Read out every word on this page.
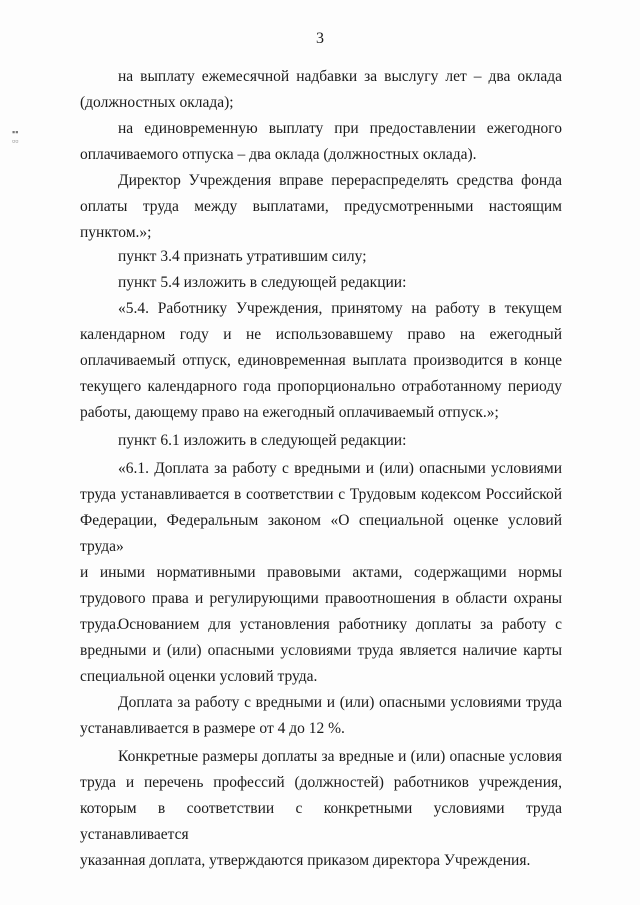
3
▪▪
▫▫
на выплату ежемесячной надбавки за выслугу лет – два оклада
(должностных оклада);
на единовременную выплату при предоставлении ежегодного
оплачиваемого отпуска – два оклада (должностных оклада).
Директор Учреждения вправе перераспределять средства фонда
оплаты труда между выплатами, предусмотренными настоящим
пунктом.»;
пункт 3.4 признать утратившим силу;
пункт 5.4 изложить в следующей редакции:
«5.4. Работнику Учреждения, принятому на работу в текущем
календарном году и не использовавшему право на ежегодный
оплачиваемый отпуск, единовременная выплата производится в конце
текущего календарного года пропорционально отработанному периоду
работы, дающему право на ежегодный оплачиваемый отпуск.»;
пункт 6.1 изложить в следующей редакции:
«6.1. Доплата за работу с вредными и (или) опасными условиями
труда устанавливается в соответствии с Трудовым кодексом Российской
Федерации, Федеральным законом «О специальной оценке условий труда»
и иными нормативными правовыми актами, содержащими нормы
трудового права и регулирующими правоотношения в области охраны
труда.
Основанием для установления работнику доплаты за работу с
вредными и (или) опасными условиями труда является наличие карты
специальной оценки условий труда.
Доплата за работу с вредными и (или) опасными условиями труда
устанавливается в размере от 4 до 12 %.
Конкретные размеры доплаты за вредные и (или) опасные условия
труда и перечень профессий (должностей) работников учреждения,
которым в соответствии с конкретными условиями труда устанавливается
указанная доплата, утверждаются приказом директора Учреждения.
